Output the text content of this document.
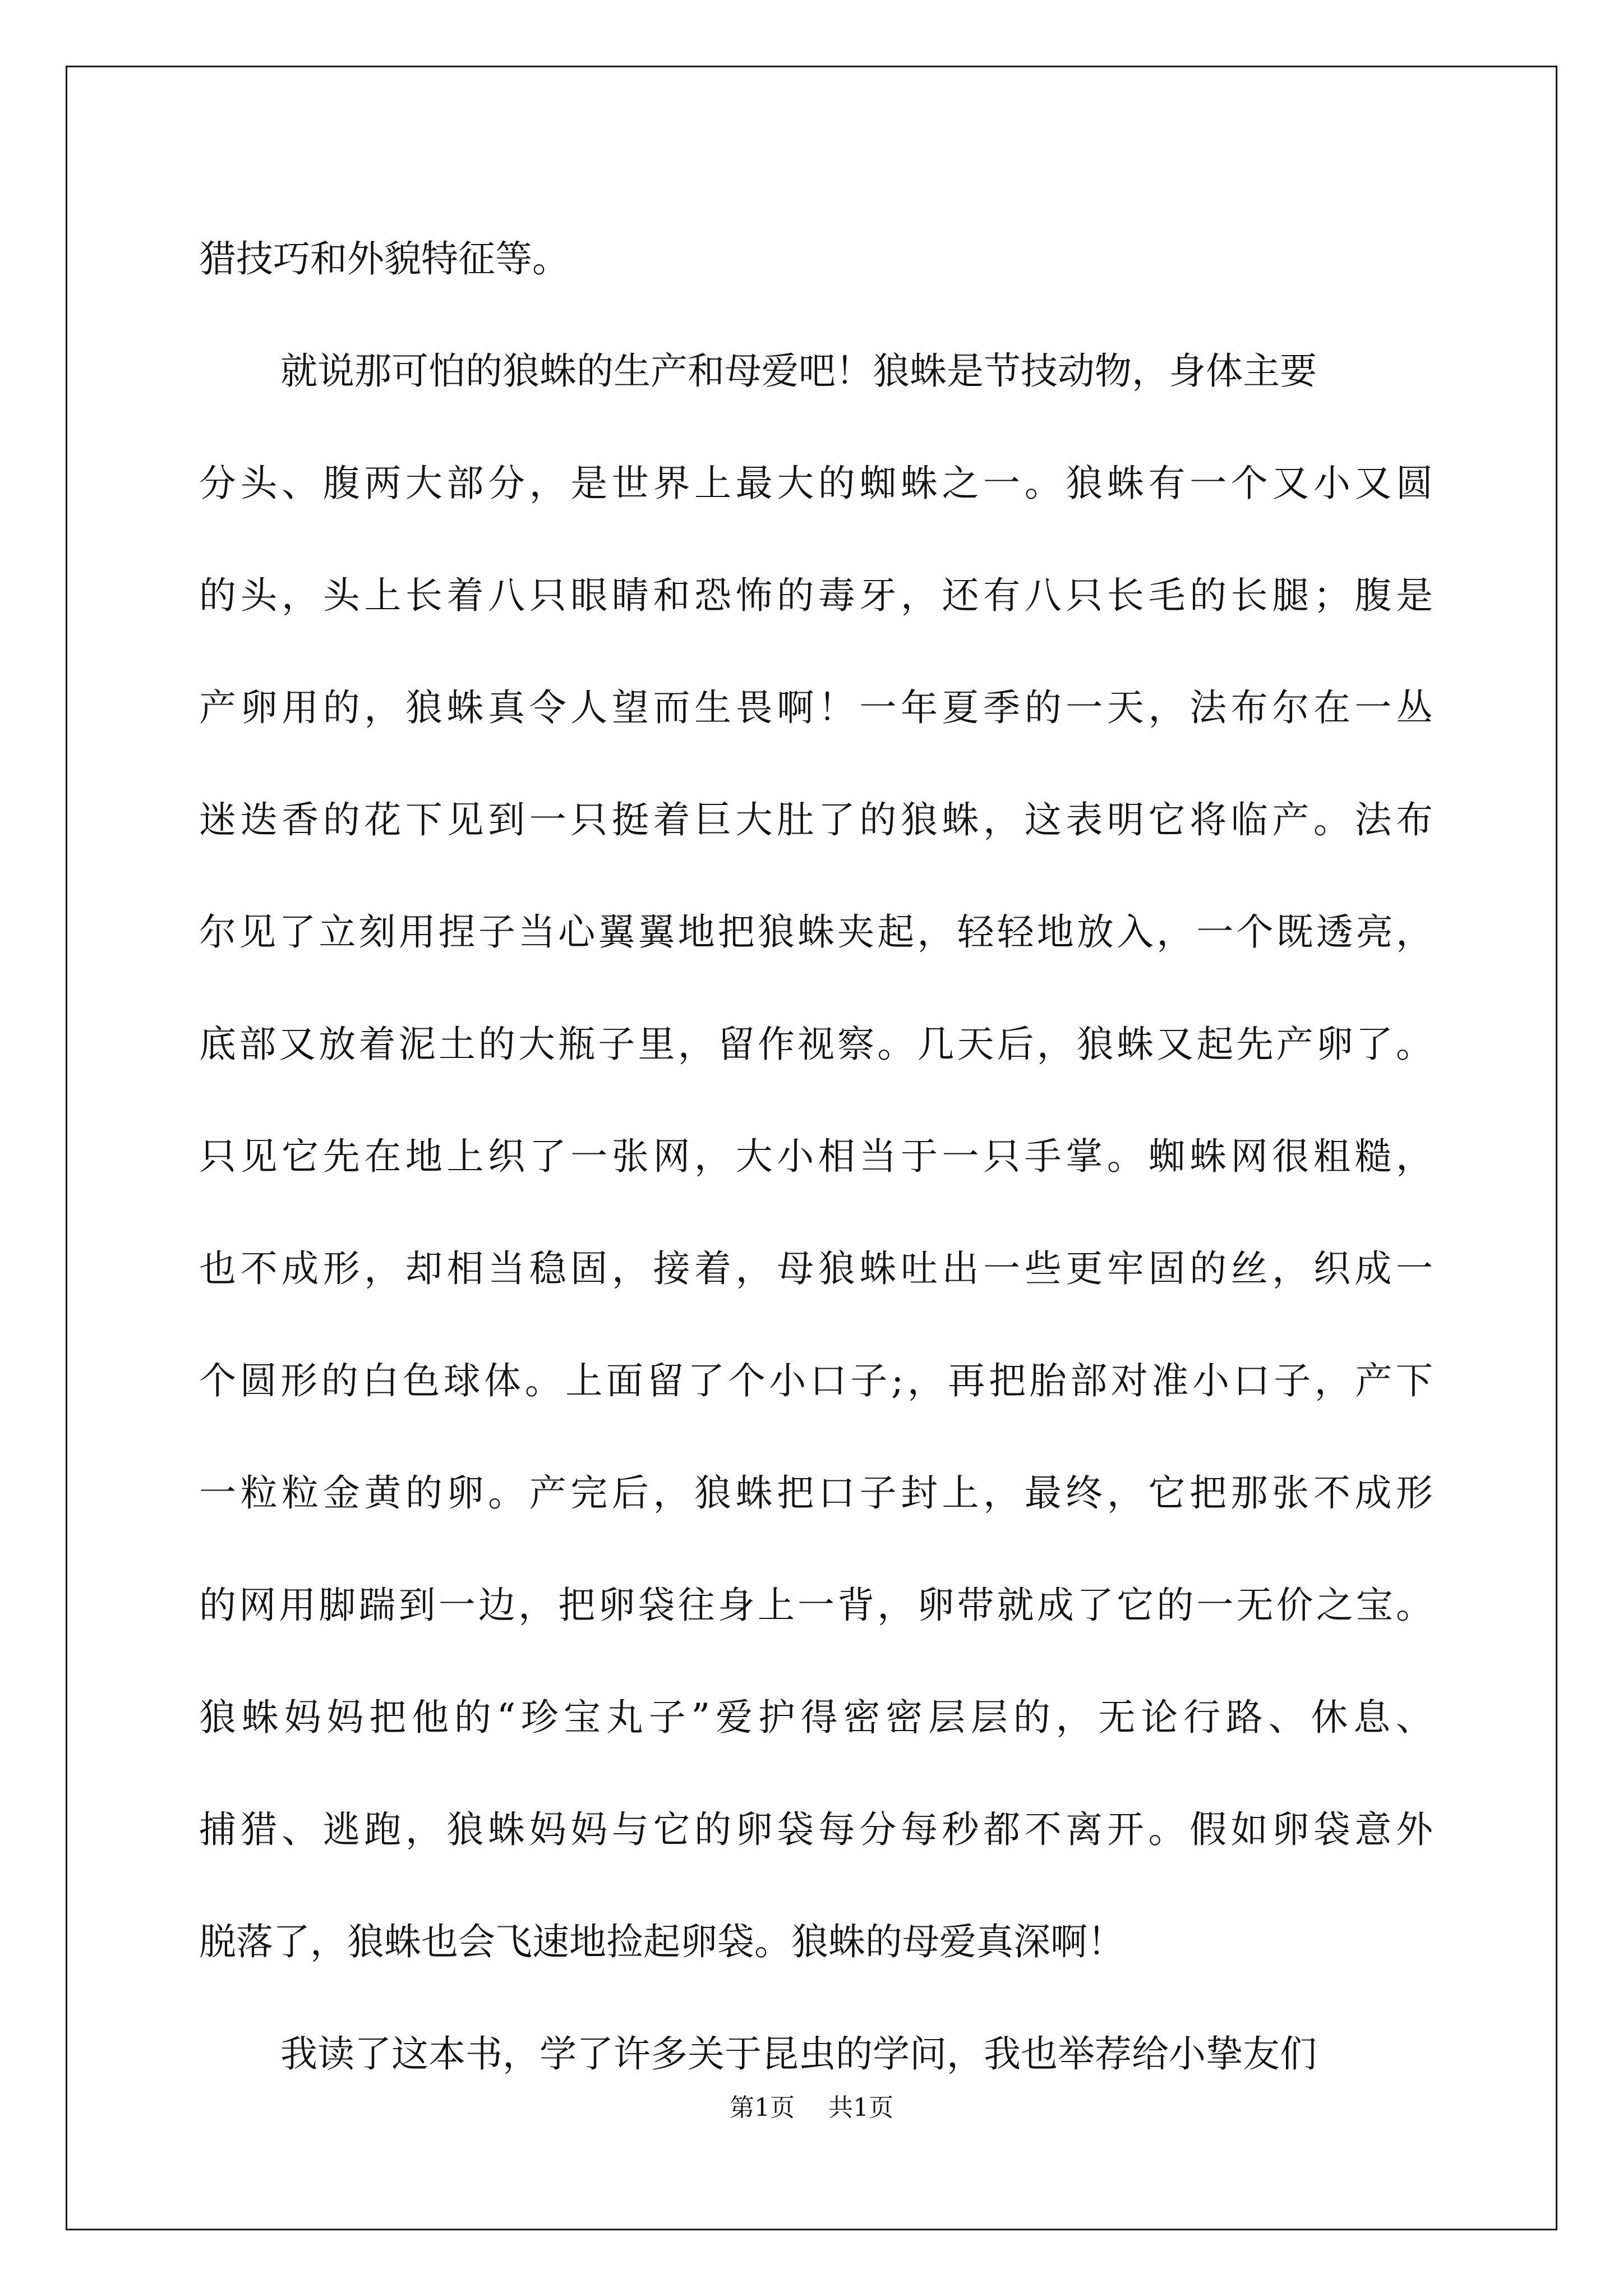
猎技巧和外貌特征等。
就说那可怕的狼蛛的生产和母爱吧！狼蛛是节技动物，身体主要
分头、腹两大部分，是世界上最大的蜘蛛之一。狼蛛有一个又小又圆
的头，头上长着八只眼睛和恐怖的毒牙，还有八只长毛的长腿；腹是
产卵用的，狼蛛真令人望而生畏啊！一年夏季的一天，法布尔在一丛
迷迭香的花下见到一只挺着巨大肚了的狼蛛，这表明它将临产。法布
尔见了立刻用捏子当心翼翼地把狼蛛夹起，轻轻地放入，一个既透亮，
底部又放着泥土的大瓶子里，留作视察。几天后，狼蛛又起先产卵了。
只见它先在地上织了一张网，大小相当于一只手掌。蜘蛛网很粗糙，
也不成形，却相当稳固，接着，母狼蛛吐出一些更牢固的丝，织成一
个圆形的白色球体。上面留了个小口子;，再把胎部对准小口子，产下
一粒粒金黄的卵。产完后，狼蛛把口子封上，最终，它把那张不成形
的网用脚踹到一边，把卵袋往身上一背，卵带就成了它的一无价之宝。
狼蛛妈妈把他的“珍宝丸子”爱护得密密层层的，无论行路、休息、
捕猎、逃跑，狼蛛妈妈与它的卵袋每分每秒都不离开。假如卵袋意外
脱落了，狼蛛也会飞速地捡起卵袋。狼蛛的母爱真深啊！
我读了这本书，学了许多关于昆虫的学问，我也举荐给小挚友们
第1页 共1页
